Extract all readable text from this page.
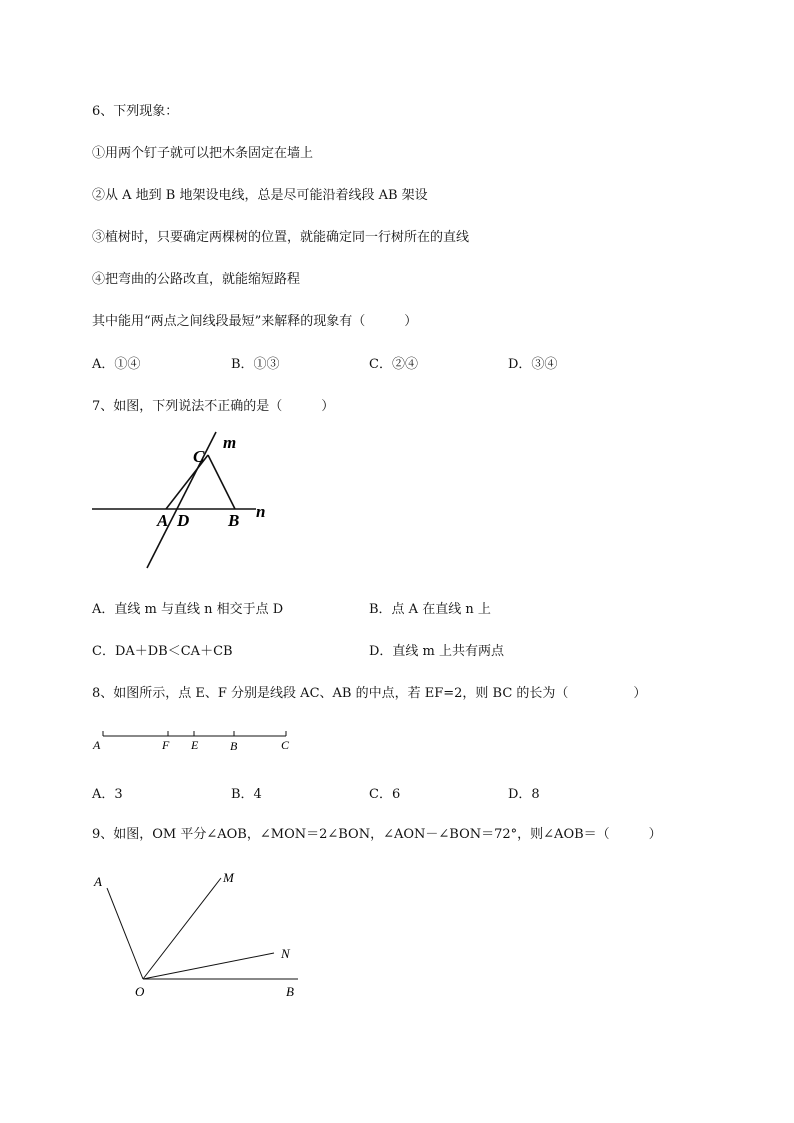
6、下列现象：
①用两个钉子就可以把木条固定在墙上
②从 A 地到 B 地架设电线，总是尽可能沿着线段 AB 架设
③植树时，只要确定两棵树的位置，就能确定同一行树所在的直线
④把弯曲的公路改直，就能缩短路程
其中能用“两点之间线段最短”来解释的现象有（　　　）
A．①④	B．①③	C．②④	D．③④
7、如图，下列说法不正确的是（　　　）
C
m
A D B n
A．直线 m 与直线 n 相交于点 D	B．点 A 在直线 n 上
C．DA＋DB＜CA＋CB	D．直线 m 上共有两点
8、如图所示，点 E、F 分别是线段 AC、AB 的中点，若 EF=2，则 BC 的长为（　　　　　）
A	F E	B	C
A．3	B．4	C．6	D．8
9、如图，OM 平分∠AOB，∠MON＝2∠BON，∠AON－∠BON＝72°，则∠AOB＝（　　　）
A	M
N
O	B
